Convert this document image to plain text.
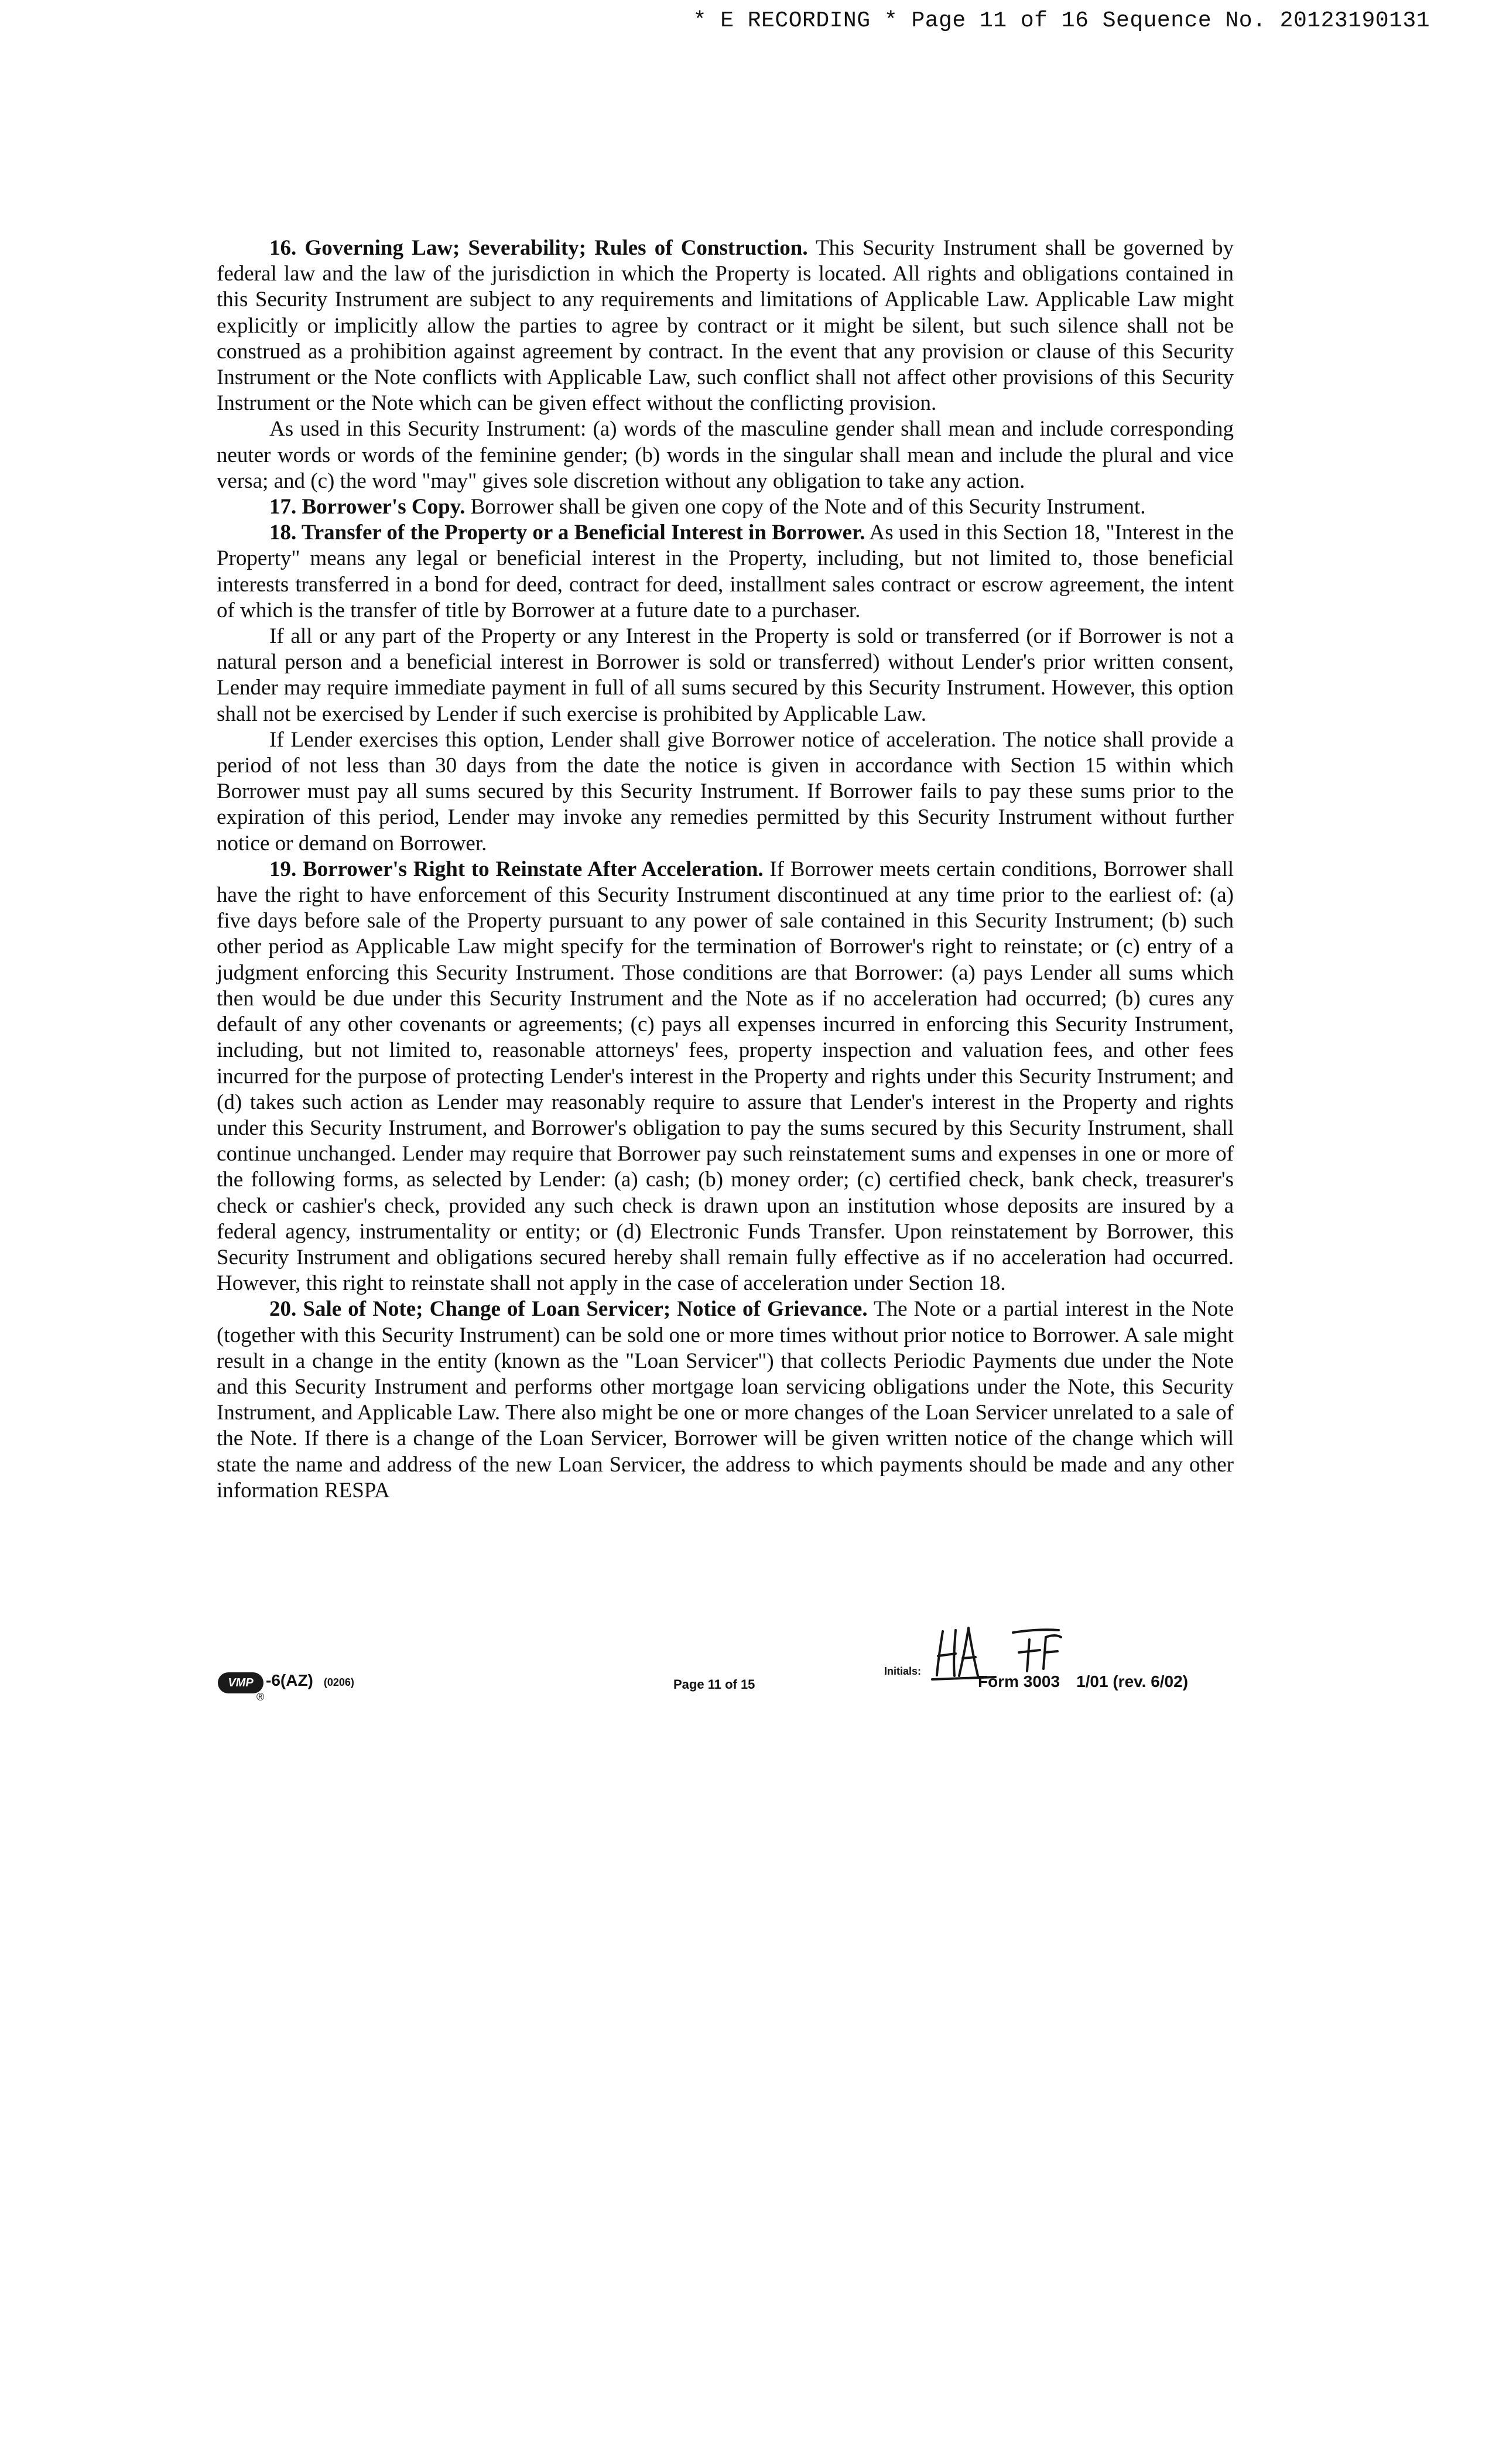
* E RECORDING * Page 11 of 16 Sequence No. 20123190131

16. Governing Law; Severability; Rules of Construction. This Security Instrument shall be governed by federal law and the law of the jurisdiction in which the Property is located. All rights and obligations contained in this Security Instrument are subject to any requirements and limitations of Applicable Law. Applicable Law might explicitly or implicitly allow the parties to agree by contract or it might be silent, but such silence shall not be construed as a prohibition against agreement by contract. In the event that any provision or clause of this Security Instrument or the Note conflicts with Applicable Law, such conflict shall not affect other provisions of this Security Instrument or the Note which can be given effect without the conflicting provision.

As used in this Security Instrument: (a) words of the masculine gender shall mean and include corresponding neuter words or words of the feminine gender; (b) words in the singular shall mean and include the plural and vice versa; and (c) the word "may" gives sole discretion without any obligation to take any action.

17. Borrower's Copy. Borrower shall be given one copy of the Note and of this Security Instrument.

18. Transfer of the Property or a Beneficial Interest in Borrower. As used in this Section 18, "Interest in the Property" means any legal or beneficial interest in the Property, including, but not limited to, those beneficial interests transferred in a bond for deed, contract for deed, installment sales contract or escrow agreement, the intent of which is the transfer of title by Borrower at a future date to a purchaser.

If all or any part of the Property or any Interest in the Property is sold or transferred (or if Borrower is not a natural person and a beneficial interest in Borrower is sold or transferred) without Lender's prior written consent, Lender may require immediate payment in full of all sums secured by this Security Instrument. However, this option shall not be exercised by Lender if such exercise is prohibited by Applicable Law.

If Lender exercises this option, Lender shall give Borrower notice of acceleration. The notice shall provide a period of not less than 30 days from the date the notice is given in accordance with Section 15 within which Borrower must pay all sums secured by this Security Instrument. If Borrower fails to pay these sums prior to the expiration of this period, Lender may invoke any remedies permitted by this Security Instrument without further notice or demand on Borrower.

19. Borrower's Right to Reinstate After Acceleration. If Borrower meets certain conditions, Borrower shall have the right to have enforcement of this Security Instrument discontinued at any time prior to the earliest of: (a) five days before sale of the Property pursuant to any power of sale contained in this Security Instrument; (b) such other period as Applicable Law might specify for the termination of Borrower's right to reinstate; or (c) entry of a judgment enforcing this Security Instrument. Those conditions are that Borrower: (a) pays Lender all sums which then would be due under this Security Instrument and the Note as if no acceleration had occurred; (b) cures any default of any other covenants or agreements; (c) pays all expenses incurred in enforcing this Security Instrument, including, but not limited to, reasonable attorneys' fees, property inspection and valuation fees, and other fees incurred for the purpose of protecting Lender's interest in the Property and rights under this Security Instrument; and (d) takes such action as Lender may reasonably require to assure that Lender's interest in the Property and rights under this Security Instrument, and Borrower's obligation to pay the sums secured by this Security Instrument, shall continue unchanged. Lender may require that Borrower pay such reinstatement sums and expenses in one or more of the following forms, as selected by Lender: (a) cash; (b) money order; (c) certified check, bank check, treasurer's check or cashier's check, provided any such check is drawn upon an institution whose deposits are insured by a federal agency, instrumentality or entity; or (d) Electronic Funds Transfer. Upon reinstatement by Borrower, this Security Instrument and obligations secured hereby shall remain fully effective as if no acceleration had occurred. However, this right to reinstate shall not apply in the case of acceleration under Section 18.

20. Sale of Note; Change of Loan Servicer; Notice of Grievance. The Note or a partial interest in the Note (together with this Security Instrument) can be sold one or more times without prior notice to Borrower. A sale might result in a change in the entity (known as the "Loan Servicer") that collects Periodic Payments due under the Note and this Security Instrument and performs other mortgage loan servicing obligations under the Note, this Security Instrument, and Applicable Law. There also might be one or more changes of the Loan Servicer unrelated to a sale of the Note. If there is a change of the Loan Servicer, Borrower will be given written notice of the change which will state the name and address of the new Loan Servicer, the address to which payments should be made and any other information RESPA

VMP
®
-6(AZ) (0206)	Page 11 of 15
Initials:
Form 3003 1/01 (rev. 6/02)
